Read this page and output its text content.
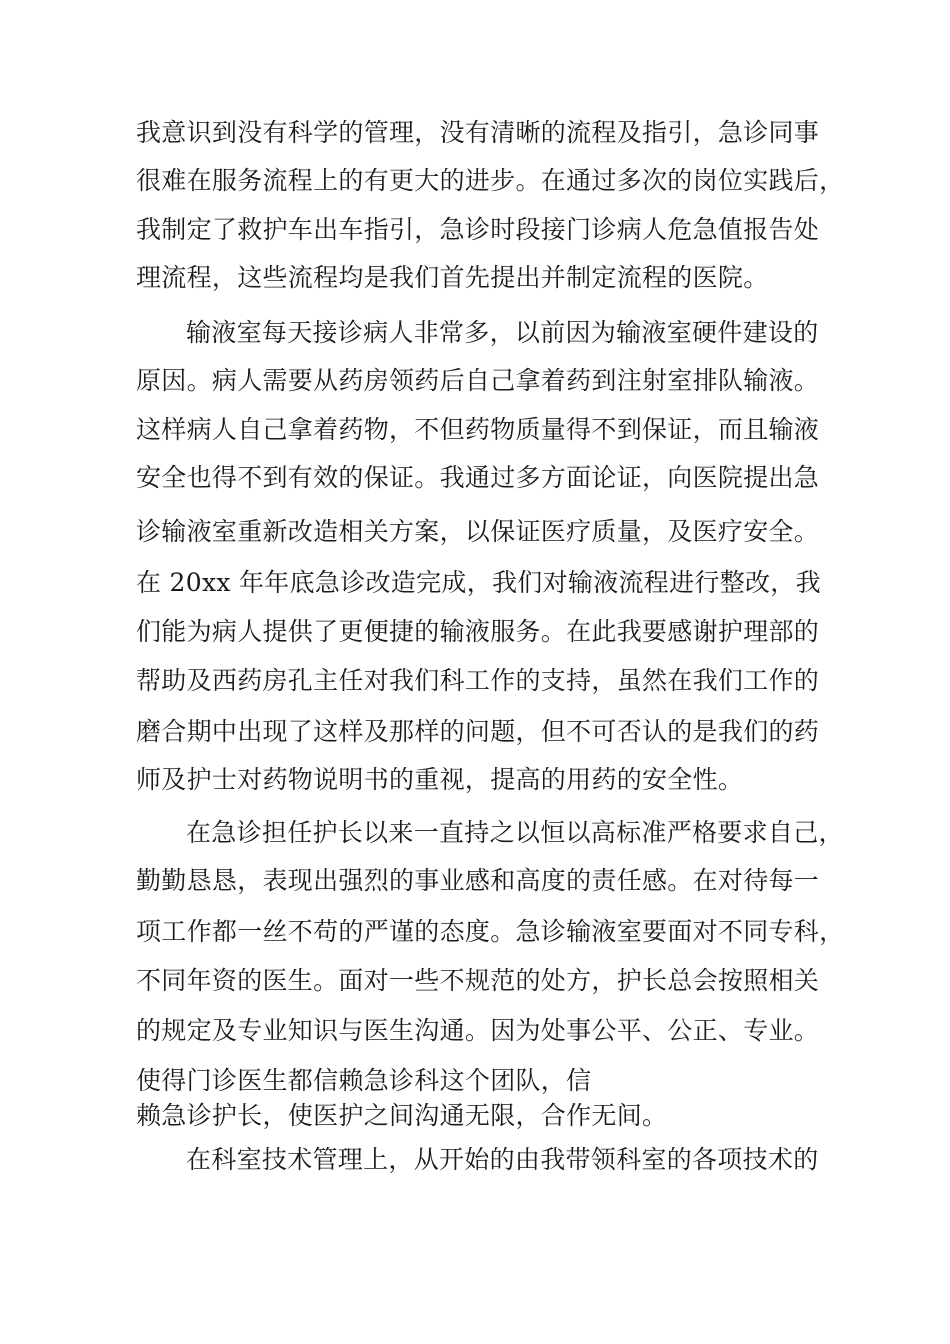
我意识到没有科学的管理，没有清晰的流程及指引，急诊同事
很难在服务流程上的有更大的进步。在通过多次的岗位实践后，
我制定了救护车出车指引，急诊时段接门诊病人危急值报告处
理流程，这些流程均是我们首先提出并制定流程的医院。
输液室每天接诊病人非常多，以前因为输液室硬件建设的
原因。病人需要从药房领药后自己拿着药到注射室排队输液。
这样病人自己拿着药物，不但药物质量得不到保证，而且输液
安全也得不到有效的保证。我通过多方面论证，向医院提出急
诊输液室重新改造相关方案，以保证医疗质量，及医疗安全。
在 20xx 年年底急诊改造完成，我们对输液流程进行整改，我
们能为病人提供了更便捷的输液服务。在此我要感谢护理部的
帮助及西药房孔主任对我们科工作的支持，虽然在我们工作的
磨合期中出现了这样及那样的问题，但不可否认的是我们的药
师及护士对药物说明书的重视，提高的用药的安全性。
在急诊担任护长以来一直持之以恒以高标准严格要求自己，
勤勤恳恳，表现出强烈的事业感和高度的责任感。在对待每一
项工作都一丝不苟的严谨的态度。急诊输液室要面对不同专科，
不同年资的医生。面对一些不规范的处方，护长总会按照相关
的规定及专业知识与医生沟通。因为处事公平、公正、专业。
使得门诊医生都信赖急诊科这个团队，信
赖急诊护长，使医护之间沟通无限，合作无间。
在科室技术管理上，从开始的由我带领科室的各项技术的
